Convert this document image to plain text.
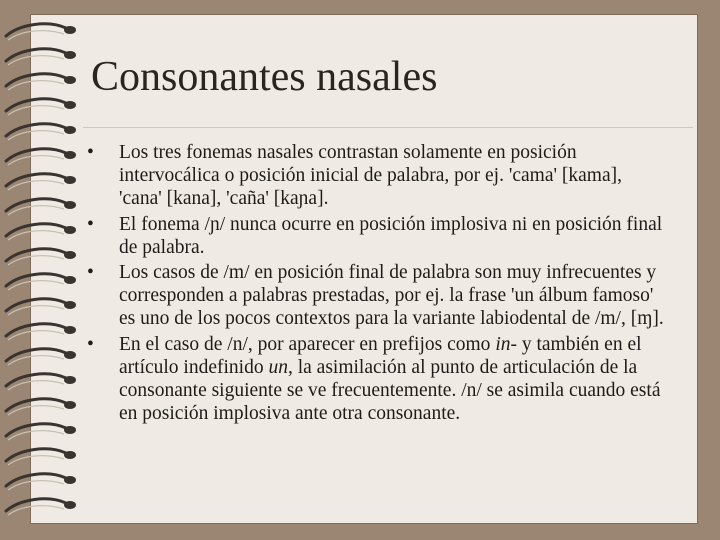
Consonantes nasales
•	Los tres fonemas nasales contrastan solamente en posición intervocálica o posición inicial de palabra, por ej. 'cama' [kama], 'cana' [kana], 'caña' [kaɲa].
•	El fonema /ɲ/ nunca ocurre en posición implosiva ni en posición final de palabra.
•	Los casos de /m/ en posición final de palabra son muy infrecuentes y corresponden a palabras prestadas, por ej. la frase 'un álbum famoso' es uno de los pocos contextos para la variante labiodental de /m/, [ɱ].
•	En el caso de /n/, por aparecer en prefijos como in- y también en el artículo indefinido un, la asimilación al punto de articulación de la consonante siguiente se ve frecuentemente. /n/ se asimila cuando está en posición implosiva ante otra consonante.
